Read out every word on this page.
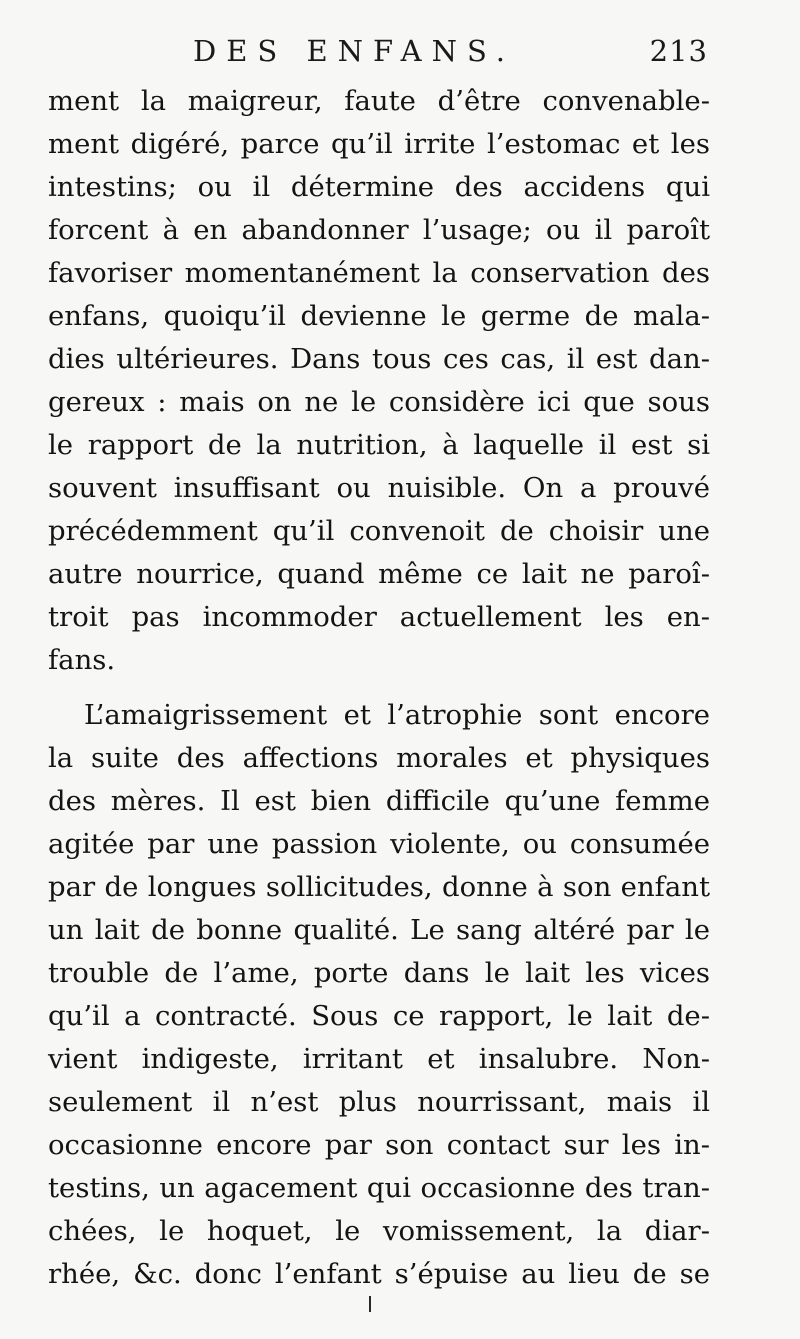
DES ENFANS.	213

ment la maigreur, faute d’être convenable-
ment digéré, parce qu’il irrite l’estomac et les
intestins; ou il détermine des accidens qui
forcent à en abandonner l’usage; ou il paroît
favoriser momentanément la conservation des
enfans, quoiqu’il devienne le germe de mala-
dies ultérieures. Dans tous ces cas, il est dan-
gereux : mais on ne le considère ici que sous
le rapport de la nutrition, à laquelle il est si
souvent insuffisant ou nuisible. On a prouvé
précédemment qu’il convenoit de choisir une
autre nourrice, quand même ce lait ne paroî-
troit pas incommoder actuellement les en-
fans.

L’amaigrissement et l’atrophie sont encore
la suite des affections morales et physiques
des mères. Il est bien difficile qu’une femme
agitée par une passion violente, ou consumée
par de longues sollicitudes, donne à son enfant
un lait de bonne qualité. Le sang altéré par le
trouble de l’ame, porte dans le lait les vices
qu’il a contracté. Sous ce rapport, le lait de-
vient indigeste, irritant et insalubre. Non-
seulement il n’est plus nourrissant, mais il
occasionne encore par son contact sur les in-
testins, un agacement qui occasionne des tran-
chées, le hoquet, le vomissement, la diar-
rhée, &c. donc l’enfant s’épuise au lieu de se
